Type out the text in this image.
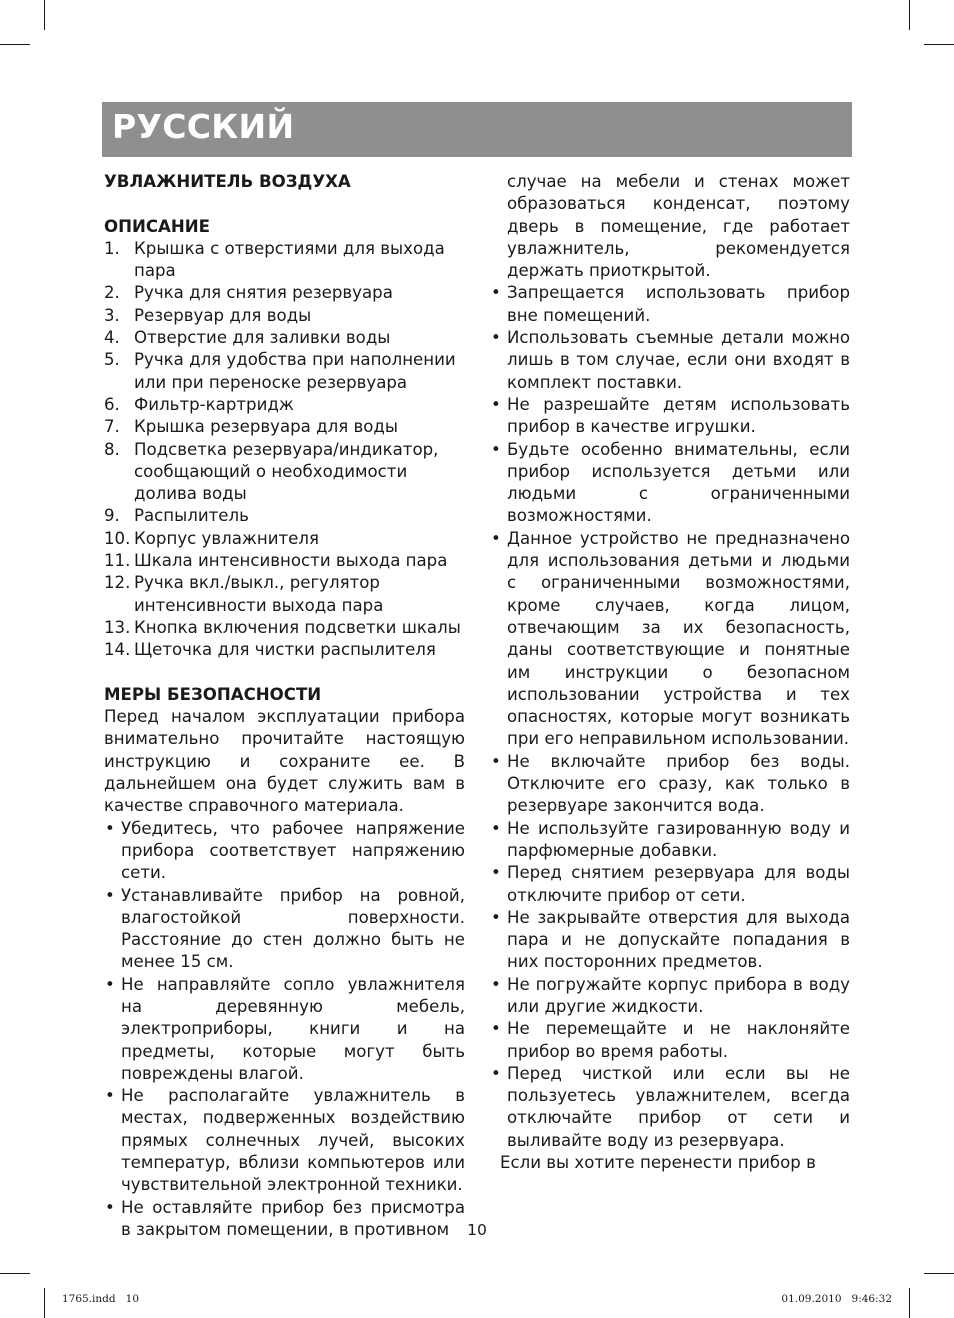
РУССКИЙ

УВЛАЖНИТЕЛЬ ВОЗДУХА

ОПИСАНИЕ

1. Крышка с отверстиями для выхода пара
2. Ручка для снятия резервуара
3. Резервуар для воды
4. Отверстие для заливки воды
5. Ручка для удобства при наполнении или при переноске резервуара
6. Фильтр-картридж
7. Крышка резервуара для воды
8. Подсветка резервуара/индикатор, сообщающий о необходимости долива воды
9. Распылитель
10. Корпус увлажнителя
11. Шкала интенсивности выхода пара
12. Ручка вкл./выкл., регулятор интенсивности выхода пара
13. Кнопка включения подсветки шкалы
14. Щеточка для чистки распылителя

МЕРЫ БЕЗОПАСНОСТИ

Перед началом эксплуатации прибора внимательно прочитайте настоящую инструкцию и сохраните ее. В дальнейшем она будет служить вам в качестве справочного материала.

• Убедитесь, что рабочее напряжение прибора соответствует напряжению сети.
• Устанавливайте прибор на ровной, влагостойкой поверхности. Расстояние до стен должно быть не менее 15 см.
• Не направляйте сопло увлажнителя на деревянную мебель, электроприборы, книги и на предметы, которые могут быть повреждены влагой.
• Не располагайте увлажнитель в местах, подверженных воздействию прямых солнечных лучей, высоких температур, вблизи компьютеров или чувствительной электронной техники.
• Не оставляйте прибор без присмотра в закрытом помещении, в противном

случае на мебели и стенах может образоваться конденсат, поэтому дверь в помещение, где работает увлажнитель, рекомендуется держать приоткрытой.

• Запрещается использовать прибор вне помещений.
• Использовать съемные детали можно лишь в том случае, если они входят в комплект поставки.
• Не разрешайте детям использовать прибор в качестве игрушки.
• Будьте особенно внимательны, если прибор используется детьми или людьми с ограниченными возможностями.
• Данное устройство не предназначено для использования детьми и людьми с ограниченными возможностями, кроме случаев, когда лицом, отвечающим за их безопасность, даны соответствующие и понятные им инструкции о безопасном использовании устройства и тех опасностях, которые могут возникать при его неправильном использовании.
• Не включайте прибор без воды. Отключите его сразу, как только в резервуаре закончится вода.
• Не используйте газированную воду и парфюмерные добавки.
• Перед снятием резервуара для воды отключите прибор от сети.
• Не закрывайте отверстия для выхода пара и не допускайте попадания в них посторонних предметов.
• Не погружайте корпус прибора в воду или другие жидкости.
• Не перемещайте и не наклоняйте прибор во время работы.
• Перед чисткой или если вы не пользуетесь увлажнителем, всегда отключайте прибор от сети и выливайте воду из резервуара.

Если вы хотите перенести прибор в

10
1765.indd   10	01.09.2010   9:46:32
